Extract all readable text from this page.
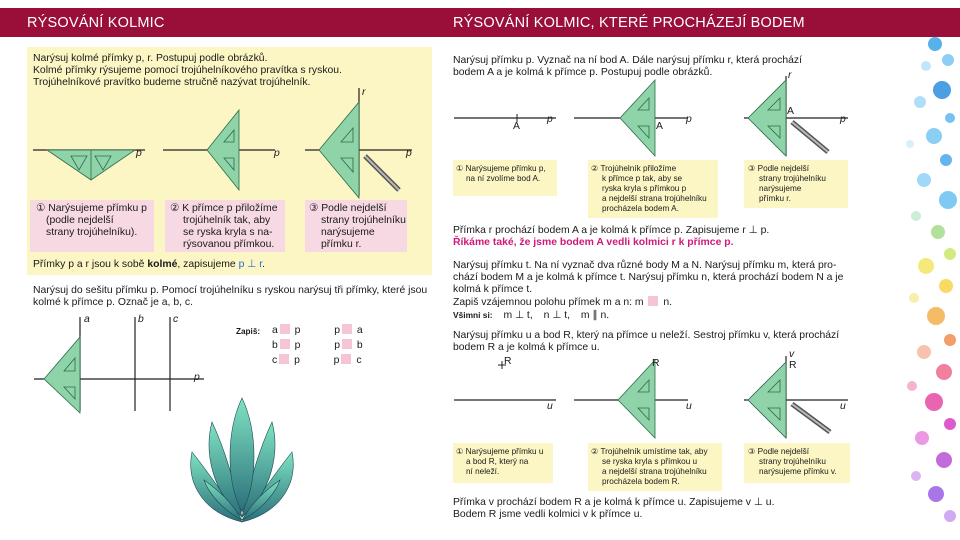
RÝSOVÁNÍ KOLMIC	RÝSOVÁNÍ KOLMIC, KTERÉ PROCHÁZEJÍ BODEM
Narýsuj kolmé přímky p, r. Postupuj podle obrázků.
Kolmé přímky rýsujeme pomocí trojúhelníkového pravítka s ryskou.
Trojúhelníkové pravítko budeme stručně nazývat trojúhelník.
p	p	p
r
① Narýsujeme přímku p
(podle nejdelší
strany trojúhelníku).
② K přímce p přiložíme
trojúhelník tak, aby
se ryska kryla s na-
rýsovanou přímkou.
③ Podle nejdelší
strany trojúhelníku
narýsujeme
přímku r.
Přímky p a r jsou k sobě kolmé, zapisujeme p ⊥ r.
Narýsuj do sešitu přímku p. Pomocí trojúhelníku s ryskou narýsuj tři přímky, které jsou
kolmé k přímce p. Označ je a, b, c.
a	b	c
p
Zapiš: a p	p a
b p	p b
c p	p c
Narýsuj přímku p. Vyznač na ní bod A. Dále narýsuj přímku r, která prochází
bodem A a je kolmá k přímce p. Postupuj podle obrázků.
A
p
A
p
A
p
r
① Narýsujeme přímku p,
na ní zvolíme bod A.
② Trojúhelník přiložíme
k přímce p tak, aby se
ryska kryla s přímkou p
a nejdelší strana trojúhelníku
procházela bodem A.
③ Podle nejdelší
strany trojúhelníku
narýsujeme
přímku r.
Přímka r prochází bodem A a je kolmá k přímce p. Zapisujeme r ⊥ p.
Říkáme také, že jsme bodem A vedli kolmici r k přímce p.
Narýsuj přímku t. Na ní vyznač dva různé body M a N. Narýsuj přímku m, která pro-
chází bodem M a je kolmá k přímce t. Narýsuj přímku n, která prochází bodem N a je
kolmá k přímce t.
Zapiš vzájemnou polohu přímek m a n: m n.
Všimni si: m ⊥ t, n ⊥ t, m ∥ n.
Narýsuj přímku u a bod R, který na přímce u neleží. Sestroj přímku v, která prochází
bodem R a je kolmá k přímce u.
R
u
R
u
v
R
u
① Narýsujeme přímku u
a bod R, který na
ní neleží.
② Trojúhelník umístíme tak, aby
se ryska kryla s přímkou u
a nejdelší strana trojúhelníku
procházela bodem R.
③ Podle nejdelší
strany trojúhelníku
narýsujeme přímku v.
Přímka v prochází bodem R a je kolmá k přímce u. Zapisujeme v ⊥ u.
Bodem R jsme vedli kolmici v k přímce u.
